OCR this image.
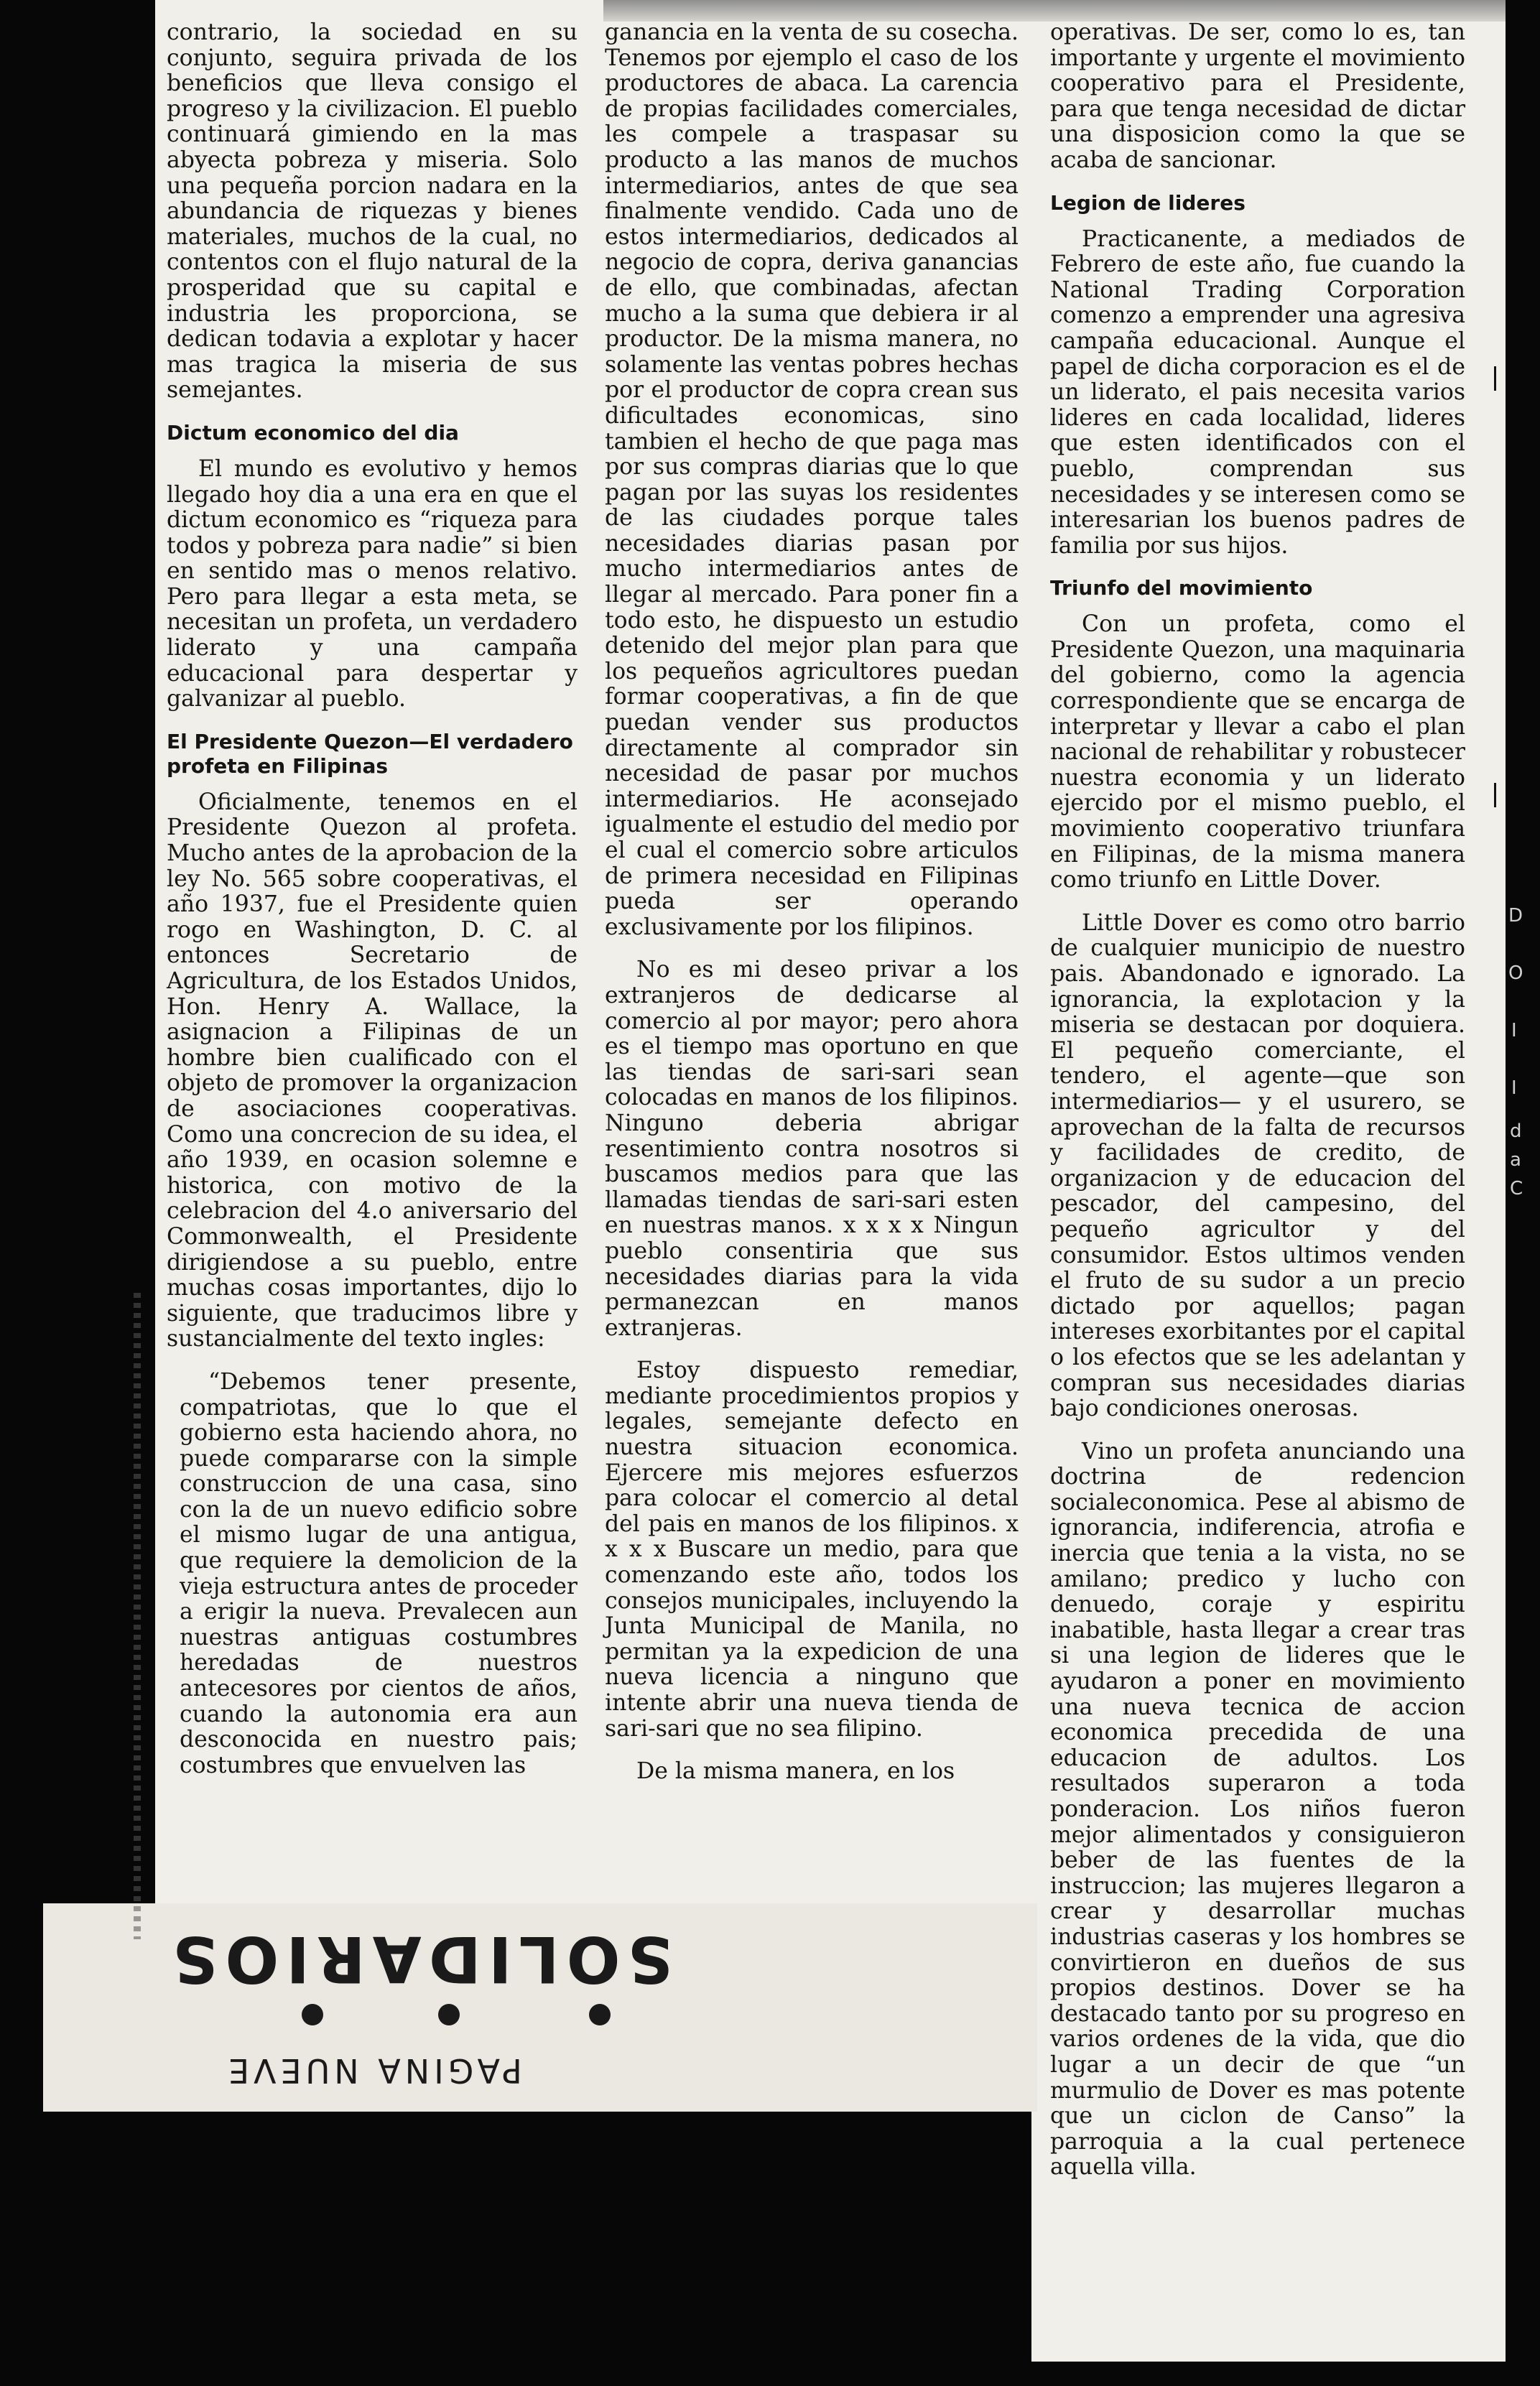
contrario, la sociedad en su conjunto, seguira privada de los beneficios que lleva consigo el progreso y la civilizacion. El pueblo continuará gimiendo en la mas abyecta pobreza y miseria. Solo una pequeña porcion nadara en la abundancia de riquezas y bienes materiales, muchos de la cual, no contentos con el flujo natural de la prosperidad que su capital e industria les proporciona, se dedican todavia a explotar y hacer mas tragica la miseria de sus semejantes.

Dictum economico del dia

El mundo es evolutivo y hemos llegado hoy dia a una era en que el dictum economico es “riqueza para todos y pobreza para nadie” si bien en sentido mas o menos relativo. Pero para llegar a esta meta, se necesitan un profeta, un verdadero liderato y una campaña educacional para despertar y galvanizar al pueblo.

El Presidente Quezon—El verdadero profeta en Filipinas

Oficialmente, tenemos en el Presidente Quezon al profeta. Mucho antes de la aprobacion de la ley No. 565 sobre cooperativas, el año 1937, fue el Presidente quien rogo en Washington, D. C. al entonces Secretario de Agricultura, de los Estados Unidos, Hon. Henry A. Wallace, la asignacion a Filipinas de un hombre bien cualificado con el objeto de promover la organizacion de asociaciones cooperativas. Como una concrecion de su idea, el año 1939, en ocasion solemne e historica, con motivo de la celebracion del 4.o aniversario del Commonwealth, el Presidente dirigiendose a su pueblo, entre muchas cosas importantes, dijo lo siguiente, que traducimos libre y sustancialmente del texto ingles:

“Debemos tener presente, compatriotas, que lo que el gobierno esta haciendo ahora, no puede compararse con la simple construccion de una casa, sino con la de un nuevo edificio sobre el mismo lugar de una antigua, que requiere la demolicion de la vieja estructura antes de proceder a erigir la nueva. Prevalecen aun nuestras antiguas costumbres heredadas de nuestros antecesores por cientos de años, cuando la autonomia era aun desconocida en nuestro pais; costumbres que envuelven las

ganancia en la venta de su cosecha. Tenemos por ejemplo el caso de los productores de abaca. La carencia de propias facilidades comerciales, les compele a traspasar su producto a las manos de muchos intermediarios, antes de que sea finalmente vendido. Cada uno de estos intermediarios, dedicados al negocio de copra, deriva ganancias de ello, que combinadas, afectan mucho a la suma que debiera ir al productor. De la misma manera, no solamente las ventas pobres hechas por el productor de copra crean sus dificultades economicas, sino tambien el hecho de que paga mas por sus compras diarias que lo que pagan por las suyas los residentes de las ciudades porque tales necesidades diarias pasan por mucho intermediarios antes de llegar al mercado. Para poner fin a todo esto, he dispuesto un estudio detenido del mejor plan para que los pequeños agricultores puedan formar cooperativas, a fin de que puedan vender sus productos directamente al comprador sin necesidad de pasar por muchos intermediarios. He aconsejado igualmente el estudio del medio por el cual el comercio sobre articulos de primera necesidad en Filipinas pueda ser operando exclusivamente por los filipinos.

No es mi deseo privar a los extranjeros de dedicarse al comercio al por mayor; pero ahora es el tiempo mas oportuno en que las tiendas de sari-sari sean colocadas en manos de los filipinos. Ninguno deberia abrigar resentimiento contra nosotros si buscamos medios para que las llamadas tiendas de sari-sari esten en nuestras manos. x x x x Ningun pueblo consentiria que sus necesidades diarias para la vida permanezcan en manos extranjeras.

Estoy dispuesto remediar, mediante procedimientos propios y legales, semejante defecto en nuestra situacion economica. Ejercere mis mejores esfuerzos para colocar el comercio al detal del pais en manos de los filipinos. x x x x Buscare un medio, para que comenzando este año, todos los consejos municipales, incluyendo la Junta Municipal de Manila, no permitan ya la expedicion de una nueva licencia a ninguno que intente abrir una nueva tienda de sari-sari que no sea filipino.

De la misma manera, en los

operativas. De ser, como lo es, tan importante y urgente el movimiento cooperativo para el Presidente, para que tenga necesidad de dictar una disposicion como la que se acaba de sancionar.

Legion de lideres

Practicanente, a mediados de Febrero de este año, fue cuando la National Trading Corporation comenzo a emprender una agresiva campaña educacional. Aunque el papel de dicha corporacion es el de un liderato, el pais necesita varios lideres en cada localidad, lideres que esten identificados con el pueblo, comprendan sus necesidades y se interesen como se interesarian los buenos padres de familia por sus hijos.

Triunfo del movimiento

Con un profeta, como el Presidente Quezon, una maquinaria del gobierno, como la agencia correspondiente que se encarga de interpretar y llevar a cabo el plan nacional de rehabilitar y robustecer nuestra economia y un liderato ejercido por el mismo pueblo, el movimiento cooperativo triunfara en Filipinas, de la misma manera como triunfo en Little Dover.

Little Dover es como otro barrio de cualquier municipio de nuestro pais. Abandonado e ignorado. La ignorancia, la explotacion y la miseria se destacan por doquiera. El pequeño comerciante, el tendero, el agente—que son intermediarios— y el usurero, se aprovechan de la falta de recursos y facilidades de credito, de organizacion y de educacion del pescador, del campesino, del pequeño agricultor y del consumidor. Estos ultimos venden el fruto de su sudor a un precio dictado por aquellos; pagan intereses exorbitantes por el capital o los efectos que se les adelantan y compran sus necesidades diarias bajo condiciones onerosas.

Vino un profeta anunciando una doctrina de redencion socialeconomica. Pese al abismo de ignorancia, indiferencia, atrofia e inercia que tenia a la vista, no se amilano; predico y lucho con denuedo, coraje y espiritu inabatible, hasta llegar a crear tras si una legion de lideres que le ayudaron a poner en movimiento una nueva tecnica de accion economica precedida de una educacion de adultos. Los resultados superaron a toda ponderacion. Los niños fueron mejor alimentados y consiguieron beber de las fuentes de la instruccion; las mujeres llegaron a crear y desarrollar muchas industrias caseras y los hombres se convirtieron en dueños de sus propios destinos. Dover se ha destacado tanto por su progreso en varios ordenes de la vida, que dio lugar a un decir de que “un murmulio de Dover es mas potente que un ciclon de Canso” la parroquia a la cual pertenece aquella villa.

SOLIDARIOS
PAGINA NUEVE
D
O
I
I
d
a
C
